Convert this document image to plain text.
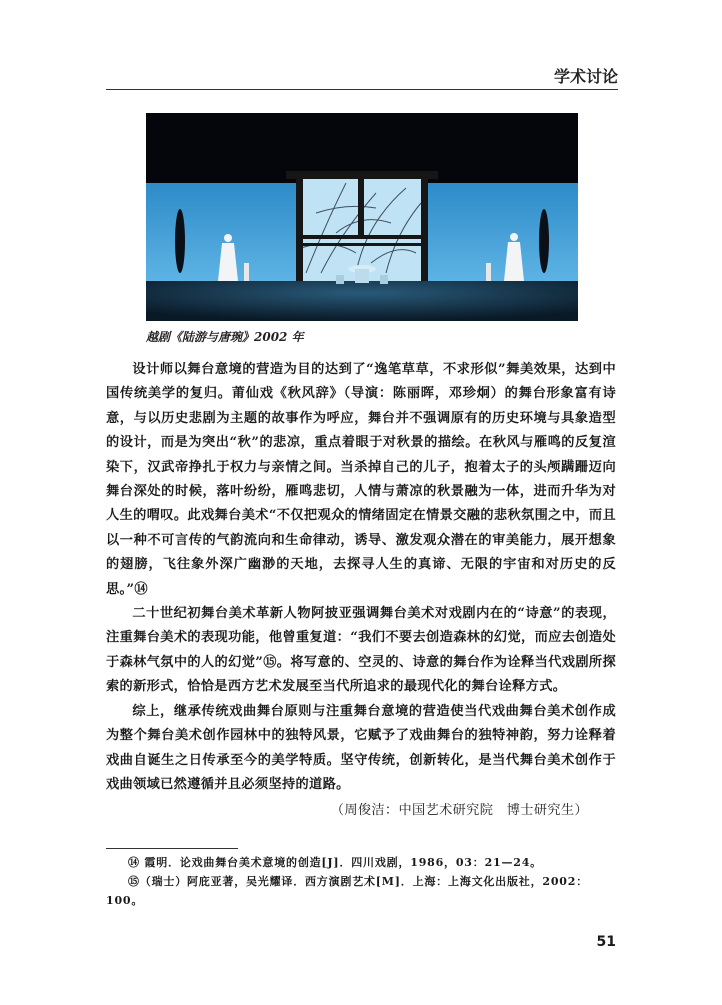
学术讨论
越剧《陆游与唐琬》2002 年

设计师以舞台意境的营造为目的达到了“逸笔草草，不求形似”舞美效果，达到中国传统美学的复归。莆仙戏《秋风辞》（导演：陈丽晖，邓珍炯）的舞台形象富有诗意，与以历史悲剧为主题的故事作为呼应，舞台并不强调原有的历史环境与具象造型的设计，而是为突出“秋”的悲凉，重点着眼于对秋景的描绘。在秋风与雁鸣的反复渲染下，汉武帝挣扎于权力与亲情之间。当杀掉自己的儿子，抱着太子的头颅蹒跚迈向舞台深处的时候，落叶纷纷，雁鸣悲切，人情与萧凉的秋景融为一体，进而升华为对人生的喟叹。此戏舞台美术“不仅把观众的情绪固定在情景交融的悲秋氛围之中，而且以一种不可言传的气韵流向和生命律动，诱导、激发观众潜在的审美能力，展开想象的翅膀，飞往象外深广幽渺的天地，去探寻人生的真谛、无限的宇宙和对历史的反思。”⑭

二十世纪初舞台美术革新人物阿披亚强调舞台美术对戏剧内在的“诗意”的表现，注重舞台美术的表现功能，他曾重复道：“我们不要去创造森林的幻觉，而应去创造处于森林气氛中的人的幻觉”⑮。将写意的、空灵的、诗意的舞台作为诠释当代戏剧所探索的新形式，恰恰是西方艺术发展至当代所追求的最现代化的舞台诠释方式。

综上，继承传统戏曲舞台原则与注重舞台意境的营造使当代戏曲舞台美术创作成为整个舞台美术创作园林中的独特风景，它赋予了戏曲舞台的独特神韵，努力诠释着戏曲自诞生之日传承至今的美学特质。坚守传统，创新转化，是当代舞台美术创作于戏曲领域已然遵循并且必须坚持的道路。

（周俊洁：中国艺术研究院　博士研究生）

⑭ 霞明．论戏曲舞台美术意境的创造[J]．四川戏剧，1986，03：21—24。

⑮（瑞士）阿庇亚著，吴光耀译．西方演剧艺术[M]．上海：上海文化出版社，2002：100。

51
